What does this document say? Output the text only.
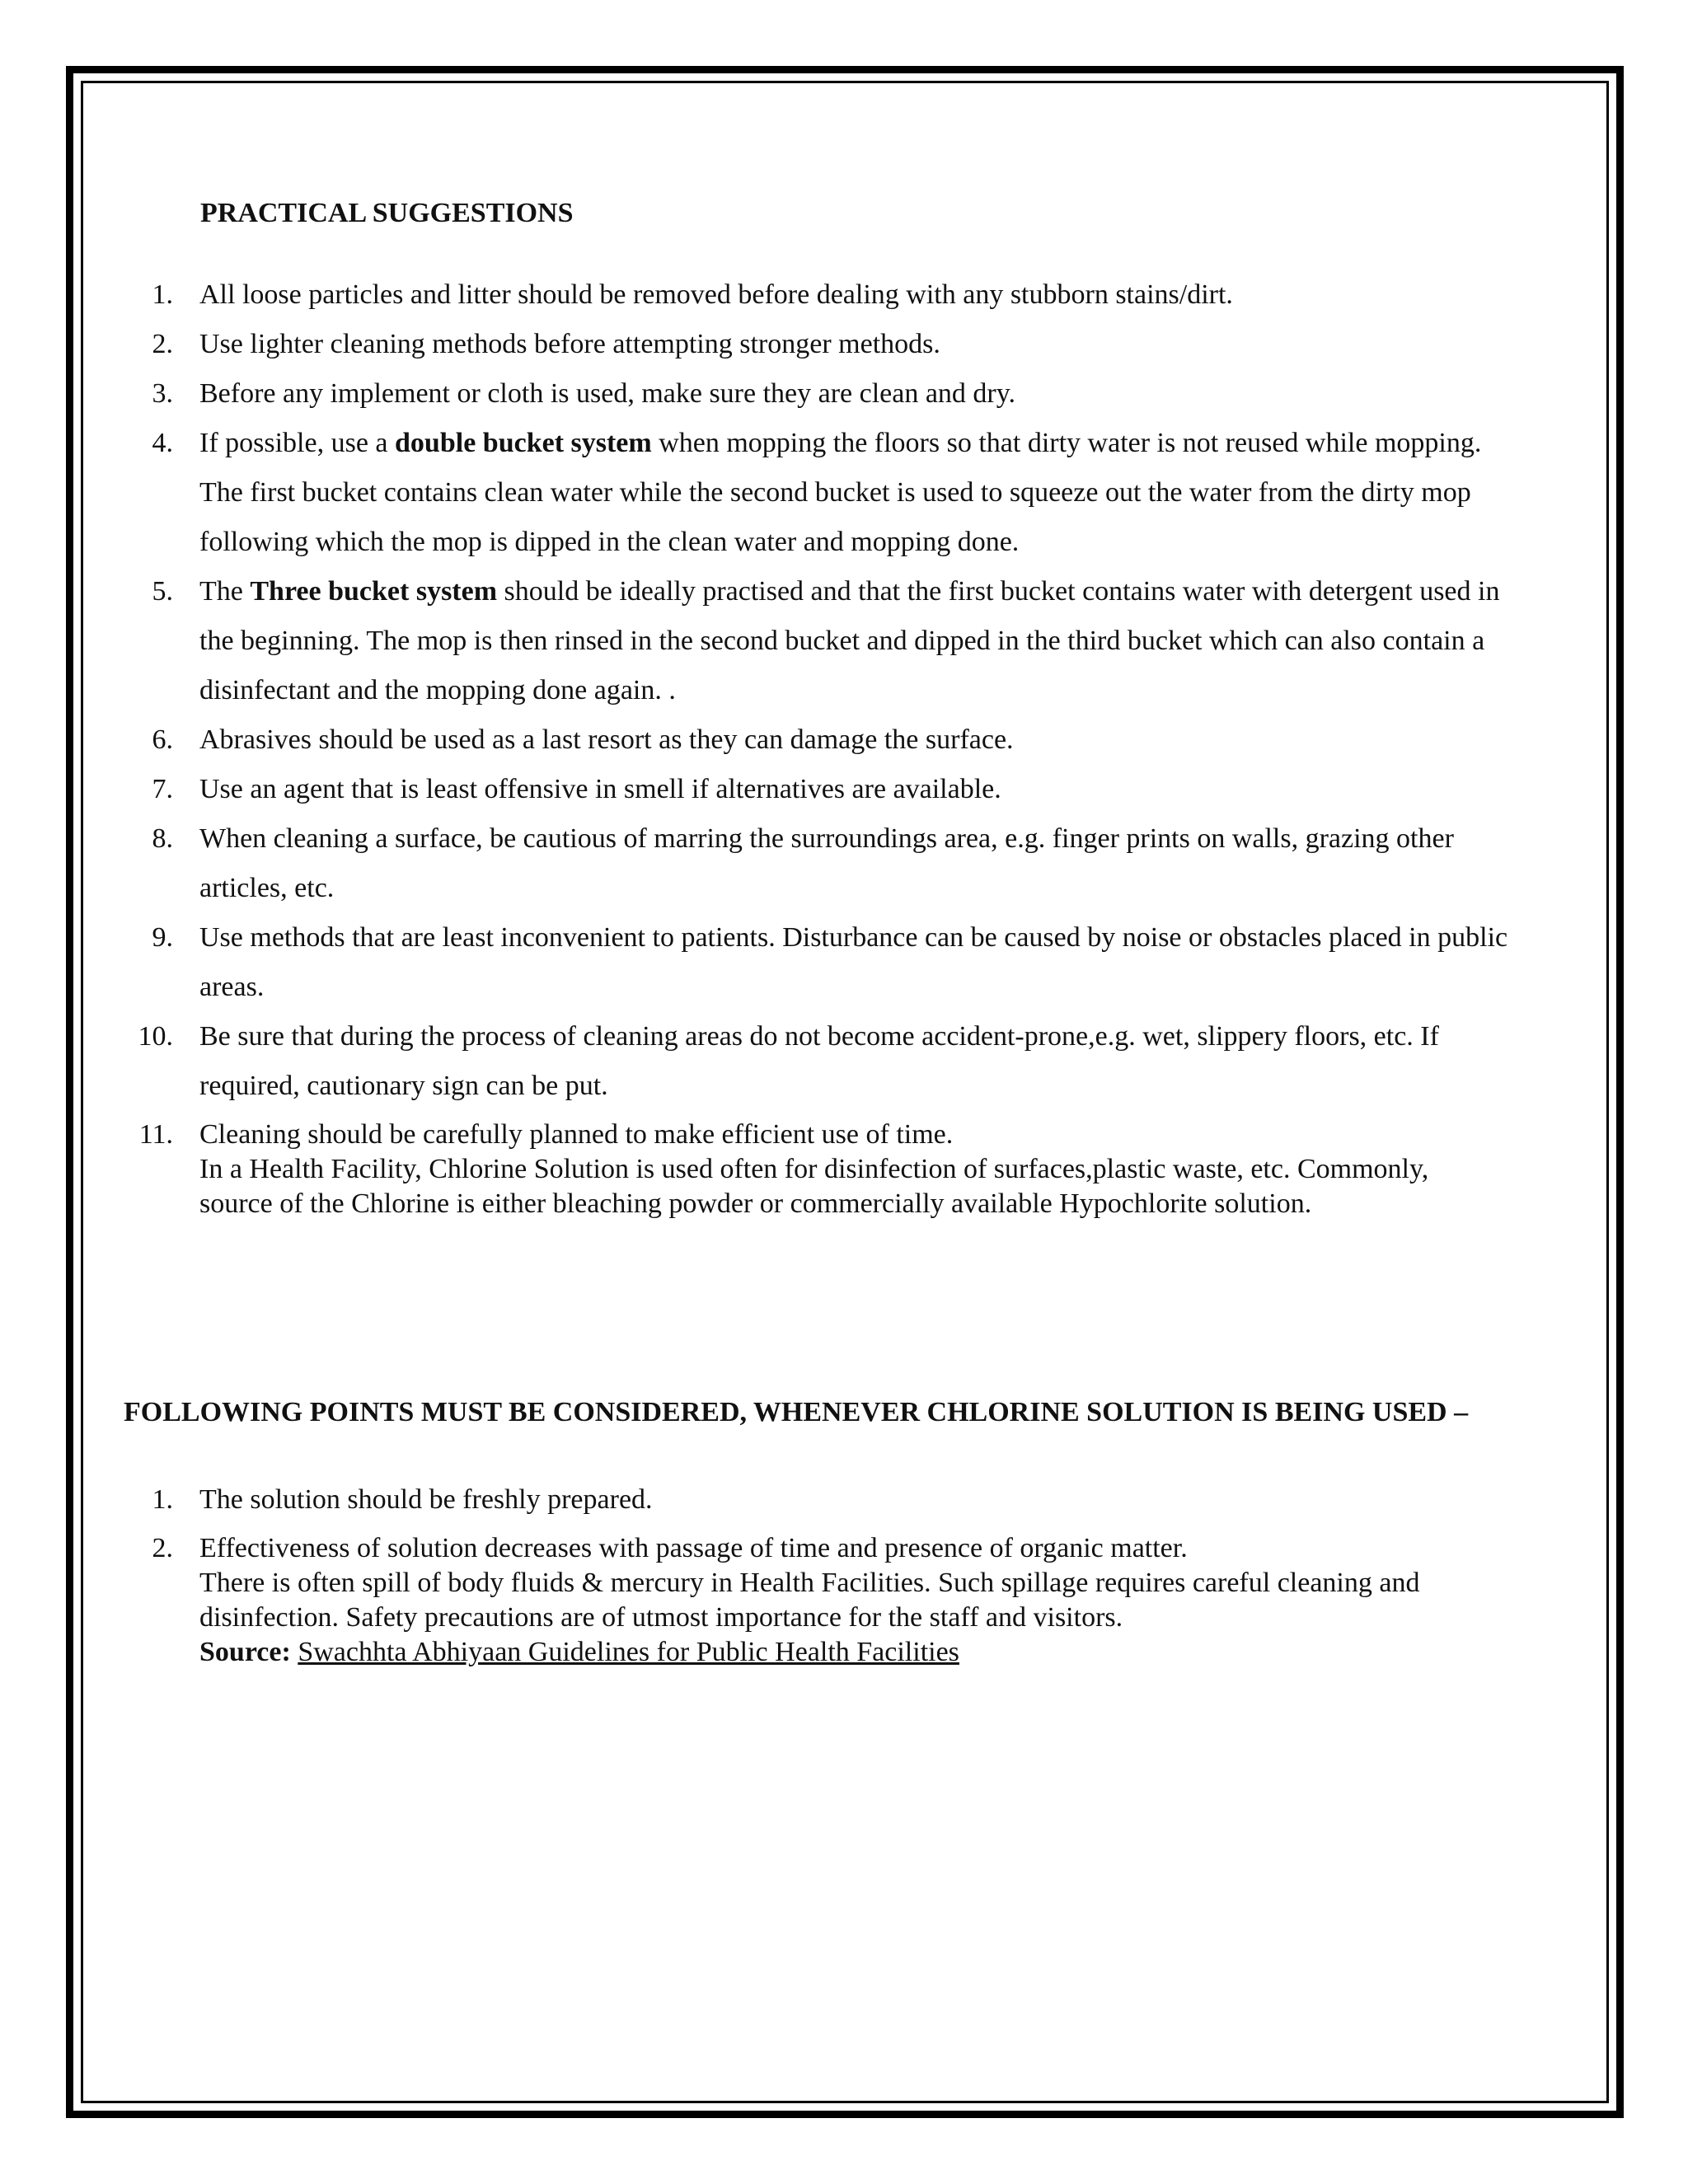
PRACTICAL SUGGESTIONS
1. All loose particles and litter should be removed before dealing with any stubborn stains/dirt.
2. Use lighter cleaning methods before attempting stronger methods.
3. Before any implement or cloth is used, make sure they are clean and dry.
4. If possible, use a double bucket system when mopping the floors so that dirty water is not reused while mopping. The first bucket contains clean water while the second bucket is used to squeeze out the water from the dirty mop following which the mop is dipped in the clean water and mopping done.
5. The Three bucket system should be ideally practised and that the first bucket contains water with detergent used in the beginning. The mop is then rinsed in the second bucket and dipped in the third bucket which can also contain a disinfectant and the mopping done again. .
6. Abrasives should be used as a last resort as they can damage the surface.
7. Use an agent that is least offensive in smell if alternatives are available.
8. When cleaning a surface, be cautious of marring the surroundings area, e.g. finger prints on walls, grazing other articles, etc.
9. Use methods that are least inconvenient to patients. Disturbance can be caused by noise or obstacles placed in public areas.
10. Be sure that during the process of cleaning areas do not become accident-prone,e.g. wet, slippery floors, etc. If required, cautionary sign can be put.
11. Cleaning should be carefully planned to make efficient use of time.
In a Health Facility, Chlorine Solution is used often for disinfection of surfaces,plastic waste, etc. Commonly, source of the Chlorine is either bleaching powder or commercially available Hypochlorite solution.
FOLLOWING POINTS MUST BE CONSIDERED, WHENEVER CHLORINE SOLUTION IS BEING USED –
1. The solution should be freshly prepared.
2. Effectiveness of solution decreases with passage of time and presence of organic matter.
There is often spill of body fluids & mercury in Health Facilities. Such spillage requires careful cleaning and disinfection. Safety precautions are of utmost importance for the staff and visitors.
Source: Swachhta Abhiyaan Guidelines for Public Health Facilities
